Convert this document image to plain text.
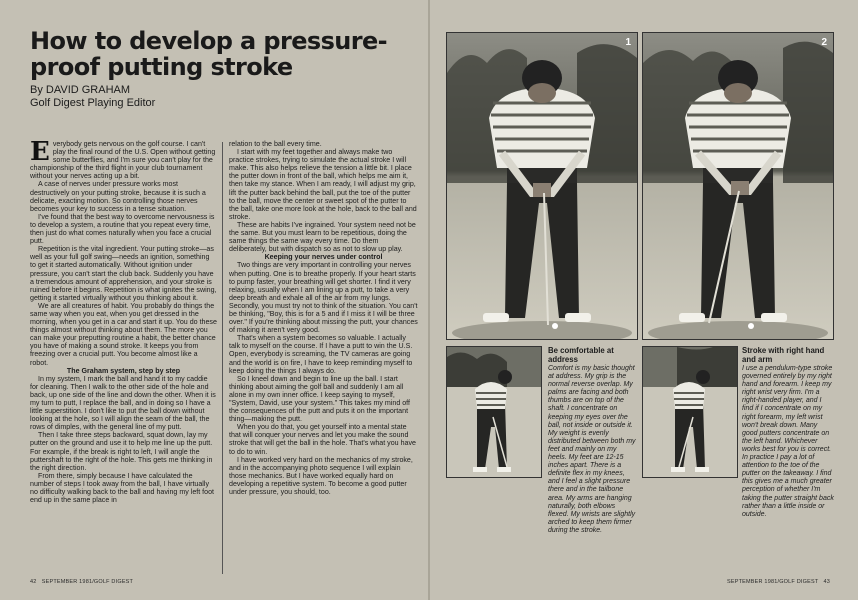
How to develop a pressure-proof putting stroke
By DAVID GRAHAM
Golf Digest Playing Editor

Everybody gets nervous on the golf course. I can't play the final round of the U.S. Open without getting some butterflies, and I'm sure you can't play for the championship of the third flight in your club tournament without your nerves acting up a bit.

A case of nerves under pressure works most destructively on your putting stroke, because it is such a delicate, exacting motion. So controlling those nerves becomes your key to success in a tense situation.

I've found that the best way to overcome nervousness is to develop a system, a routine that you repeat every time, then just do what comes naturally when you face a crucial putt.

Repetition is the vital ingredient. Your putting stroke—as well as your full golf swing—needs an ignition, something to get it started automatically. Without ignition under pressure, you can't start the club back. Suddenly you have a tremendous amount of apprehension, and your stroke is ruined before it begins. Repetition is what ignites the swing, getting it started virtually without you thinking about it.

We are all creatures of habit. You probably do things the same way when you eat, when you get dressed in the morning, when you get in a car and start it up. You do these things almost without thinking about them. The more you can make your preputting routine a habit, the better chance you have of making a sound stroke. It keeps you from freezing over a crucial putt. You become almost like a robot.

The Graham system, step by step

In my system, I mark the ball and hand it to my caddie for cleaning. Then I walk to the other side of the hole and back, up one side of the line and down the other. When it is my turn to putt, I replace the ball, and in doing so I have a little superstition. I don't like to put the ball down without looking at the hole, so I will align the seam of the ball, the rows of dimples, with the general line of my putt.

Then I take three steps backward, squat down, lay my putter on the ground and use it to help me line up the putt. For example, if the break is right to left, I will angle the puttershaft to the right of the hole. This gets me thinking in the right direction.

From there, simply because I have calculated the number of steps I took away from the ball, I have virtually no difficulty walking back to the ball and having my left foot end up in the same place in

relation to the ball every time.

I start with my feet together and always make two practice strokes, trying to simulate the actual stroke I will make. This also helps relieve the tension a little bit. I place the putter down in front of the ball, which helps me aim it, then take my stance. When I am ready, I will adjust my grip, lift the putter back behind the ball, put the toe of the putter to the ball, move the center or sweet spot of the putter to the ball, take one more look at the hole, back to the ball and stroke.

These are habits I've ingrained. Your system need not be the same. But you must learn to be repetitious, doing the same things the same way every time. Do them deliberately, but with dispatch so as not to slow up play.

Keeping your nerves under control

Two things are very important in controlling your nerves when putting. One is to breathe properly. If your heart starts to pump faster, your breathing will get shorter. I find it very relaxing, usually when I am lining up a putt, to take a very deep breath and exhale all of the air from my lungs. Secondly, you must try not to think of the situation. You can't be thinking, "Boy, this is for a 5 and if I miss it I will be three over." If you're thinking about missing the putt, your chances of making it aren't very good.

That's when a system becomes so valuable. I actually talk to myself on the course. If I have a putt to win the U.S. Open, everybody is screaming, the TV cameras are going and the world is on fire, I have to keep reminding myself to keep doing the things I always do.

So I kneel down and begin to line up the ball. I start thinking about aiming the golf ball and suddenly I am all alone in my own inner office. I keep saying to myself, "System, David, use your system." This takes my mind off the consequences of the putt and puts it on the important thing—making the putt.

When you do that, you get yourself into a mental state that will conquer your nerves and let you make the sound stroke that will get the ball in the hole. That's what you have to do to win.

I have worked very hard on the mechanics of my stroke, and in the accompanying photo sequence I will explain those mechanics. But I have worked equally hard on developing a repetitive system. To become a good putter under pressure, you should, too.

42 SEPTEMBER 1981/GOLF DIGEST
1	2
Be comfortable at address
Comfort is my basic thought at address. My grip is the normal reverse overlap. My palms are facing and both thumbs are on top of the shaft. I concentrate on keeping my eyes over the ball, not inside or outside it. My weight is evenly distributed between both my feet and mainly on my heels. My feet are 12-15 inches apart. There is a definite flex in my knees, and I feel a slight pressure there and in the tailbone area. My arms are hanging naturally, both elbows flexed. My wrists are slightly arched to keep them firmer during the stroke.
Stroke with right hand and arm
I use a pendulum-type stroke governed entirely by my right hand and forearm. I keep my right wrist very firm. I'm a right-handed player, and I find if I concentrate on my right forearm, my left wrist won't break down. Many good putters concentrate on the left hand. Whichever works best for you is correct. In practice I pay a lot of attention to the toe of the putter on the takeaway. I find this gives me a much greater perception of whether I'm taking the putter straight back rather than a little inside or outside.
SEPTEMBER 1981/GOLF DIGEST 43
